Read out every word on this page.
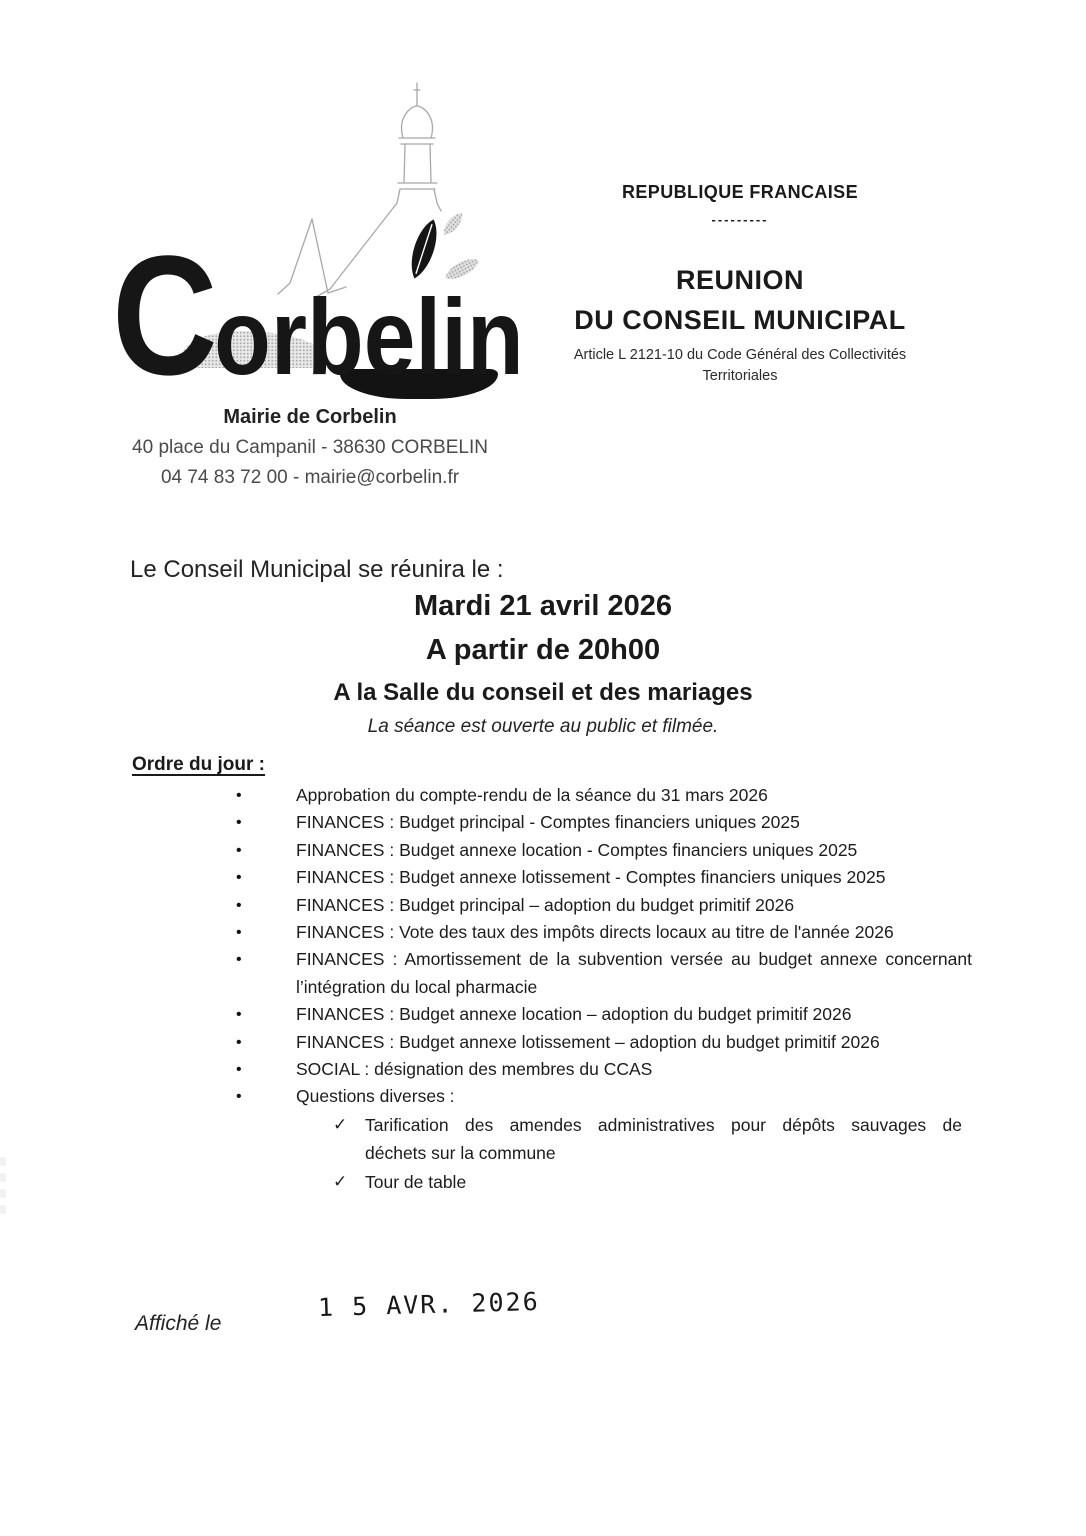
C orbelin
Mairie de Corbelin
40 place du Campanil - 38630 CORBELIN
04 74 83 72 00 - mairie@corbelin.fr
REPUBLIQUE FRANCAISE
---------
REUNION
DU CONSEIL MUNICIPAL
Article L 2121-10 du Code Général des Collectivités
Territoriales
Le Conseil Municipal se réunira le :
Mardi 21 avril 2026
A partir de 20h00
A la Salle du conseil et des mariages
La séance est ouverte au public et filmée.
Ordre du jour :
•	Approbation du compte-rendu de la séance du 31 mars 2026
•	FINANCES : Budget principal - Comptes financiers uniques 2025
•	FINANCES : Budget annexe location - Comptes financiers uniques 2025
•	FINANCES : Budget annexe lotissement - Comptes financiers uniques 2025
•	FINANCES : Budget principal – adoption du budget primitif 2026
•	FINANCES : Vote des taux des impôts directs locaux au titre de l'année 2026
•	FINANCES : Amortissement de la subvention versée au budget annexe concernant
l’intégration du local pharmacie
•	FINANCES : Budget annexe location – adoption du budget primitif 2026
•	FINANCES : Budget annexe lotissement – adoption du budget primitif 2026
•	SOCIAL : désignation des membres du CCAS
•	Questions diverses :
✓	Tarification des amendes administratives pour dépôts sauvages de
déchets sur la commune
✓	Tour de table
Affiché le
1 5 AVR. 2026
